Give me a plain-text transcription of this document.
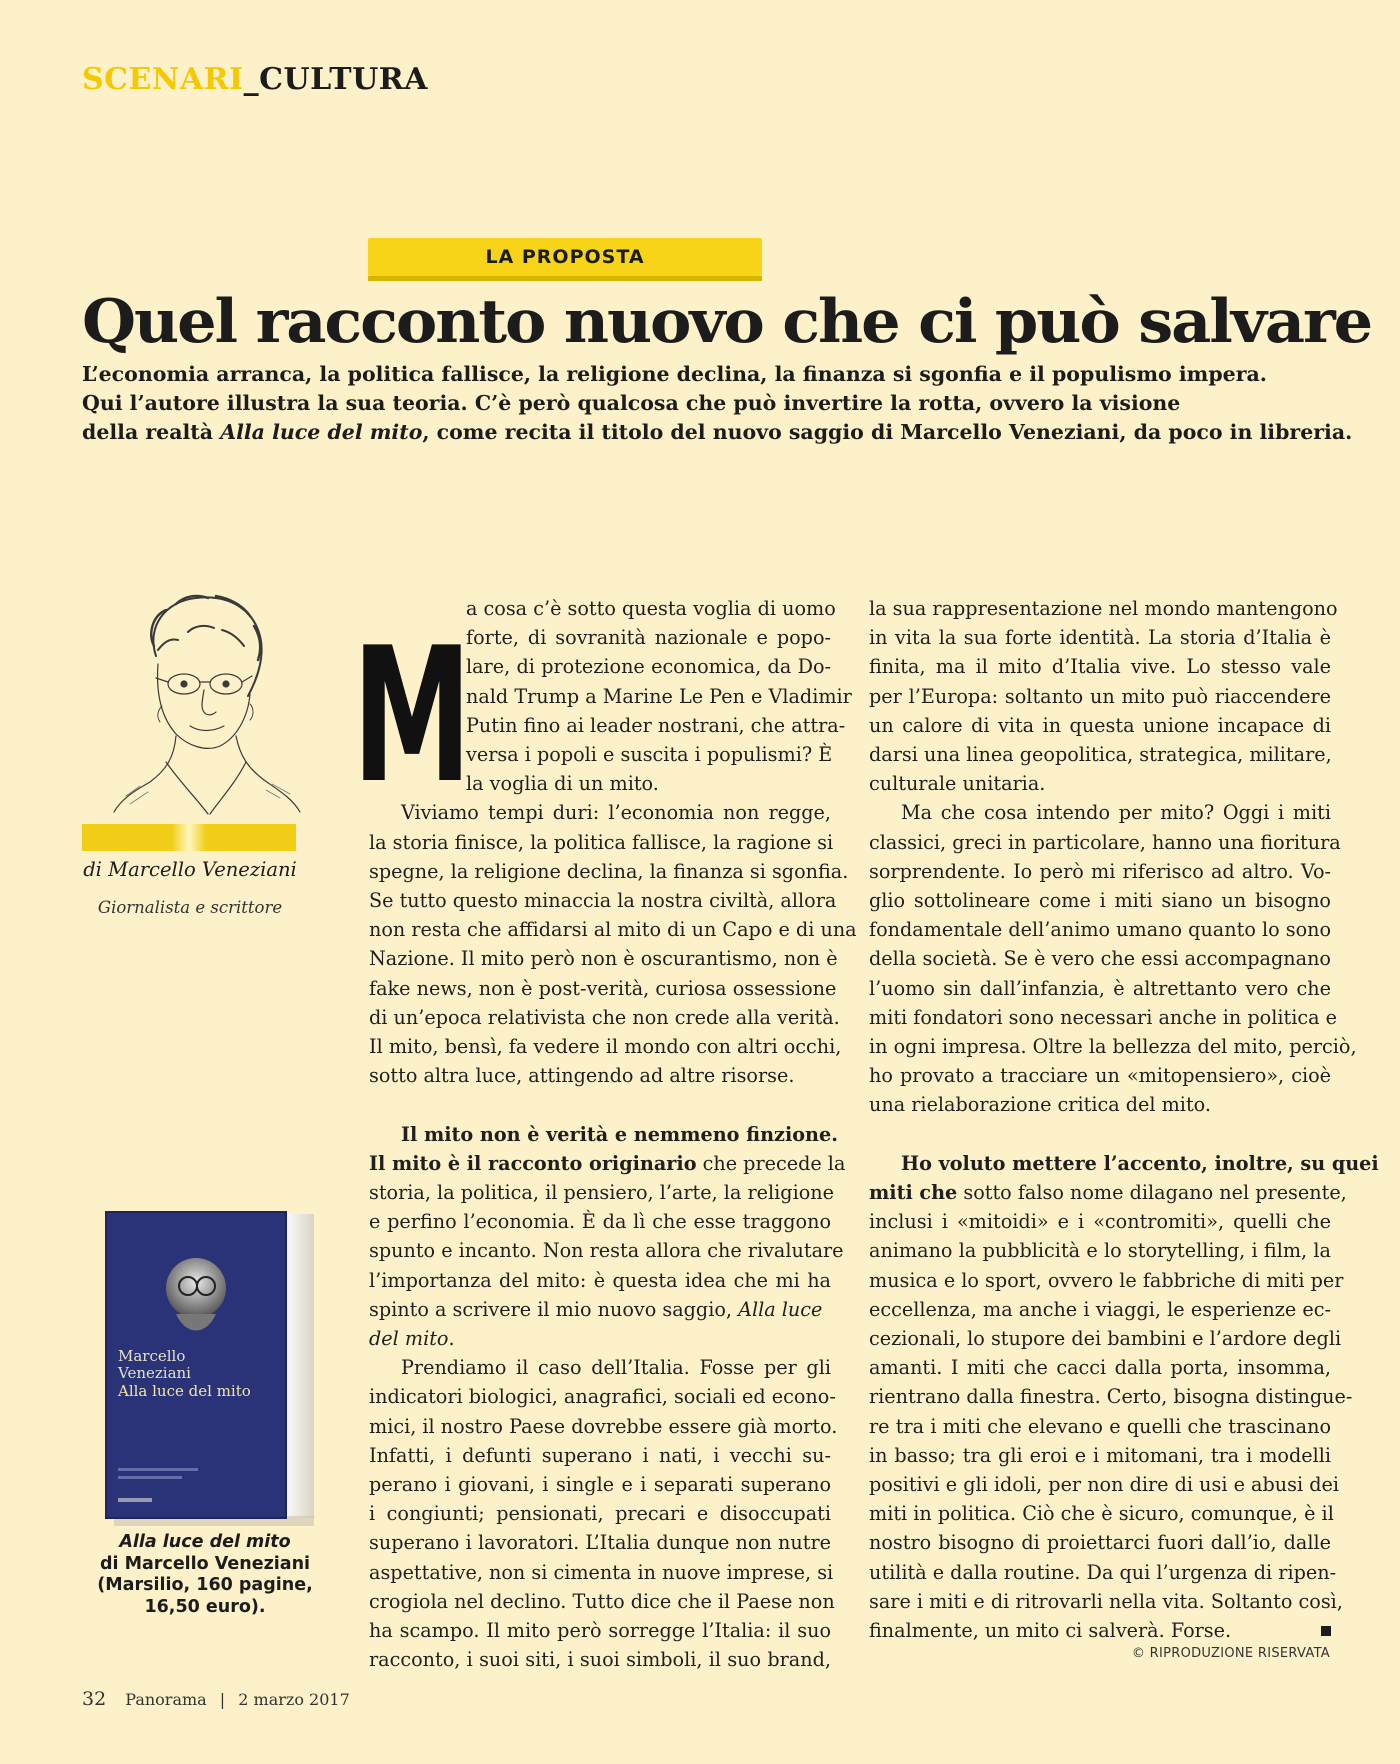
SCENARI_CULTURA
LA PROPOSTA
Quel racconto nuovo che ci può salvare
L’economia arranca, la politica fallisce, la religione declina, la finanza si sgonfia e il populismo impera.
Qui l’autore illustra la sua teoria. C’è però qualcosa che può invertire la rotta, ovvero la visione
della realtà Alla luce del mito, come recita il titolo del nuovo saggio di Marcello Veneziani, da poco in libreria.
di Marcello Veneziani
Giornalista e scrittore
Marcello
Veneziani
Alla luce del mito
Alla luce del mito
di Marcello Veneziani
(Marsilio, 160 pagine,
16,50 euro).
M
a cosa c’è sotto questa voglia di uomo
forte, di sovranità nazionale e popo-
lare, di protezione economica, da Do-
nald Trump a Marine Le Pen e Vladimir
Putin fino ai leader nostrani, che attra-
versa i popoli e suscita i populismi? È
la voglia di un mito.
Viviamo tempi duri: l’economia non regge,
la storia finisce, la politica fallisce, la ragione si
spegne, la religione declina, la finanza si sgonfia.
Se tutto questo minaccia la nostra civiltà, allora
non resta che affidarsi al mito di un Capo e di una
Nazione. Il mito però non è oscurantismo, non è
fake news, non è post-verità, curiosa ossessione
di un’epoca relativista che non crede alla verità.
Il mito, bensì, fa vedere il mondo con altri occhi,
sotto altra luce, attingendo ad altre risorse.
Il mito non è verità e nemmeno finzione.
Il mito è il racconto originario che precede la
storia, la politica, il pensiero, l’arte, la religione
e perfino l’economia. È da lì che esse traggono
spunto e incanto. Non resta allora che rivalutare
l’importanza del mito: è questa idea che mi ha
spinto a scrivere il mio nuovo saggio, Alla luce
del mito.
Prendiamo il caso dell’Italia. Fosse per gli
indicatori biologici, anagrafici, sociali ed econo-
mici, il nostro Paese dovrebbe essere già morto.
Infatti, i defunti superano i nati, i vecchi su-
perano i giovani, i single e i separati superano
i congiunti; pensionati, precari e disoccupati
superano i lavoratori. L’Italia dunque non nutre
aspettative, non si cimenta in nuove imprese, si
crogiola nel declino. Tutto dice che il Paese non
ha scampo. Il mito però sorregge l’Italia: il suo
racconto, i suoi siti, i suoi simboli, il suo brand,
la sua rappresentazione nel mondo mantengono
in vita la sua forte identità. La storia d’Italia è
finita, ma il mito d’Italia vive. Lo stesso vale
per l’Europa: soltanto un mito può riaccendere
un calore di vita in questa unione incapace di
darsi una linea geopolitica, strategica, militare,
culturale unitaria.
Ma che cosa intendo per mito? Oggi i miti
classici, greci in particolare, hanno una fioritura
sorprendente. Io però mi riferisco ad altro. Vo-
glio sottolineare come i miti siano un bisogno
fondamentale dell’animo umano quanto lo sono
della società. Se è vero che essi accompagnano
l’uomo sin dall’infanzia, è altrettanto vero che
miti fondatori sono necessari anche in politica e
in ogni impresa. Oltre la bellezza del mito, perciò,
ho provato a tracciare un «mitopensiero», cioè
una rielaborazione critica del mito.
Ho voluto mettere l’accento, inoltre, su quei
miti che sotto falso nome dilagano nel presente,
inclusi i «mitoidi» e i «contromiti», quelli che
animano la pubblicità e lo storytelling, i film, la
musica e lo sport, ovvero le fabbriche di miti per
eccellenza, ma anche i viaggi, le esperienze ec-
cezionali, lo stupore dei bambini e l’ardore degli
amanti. I miti che cacci dalla porta, insomma,
rientrano dalla finestra. Certo, bisogna distingue-
re tra i miti che elevano e quelli che trascinano
in basso; tra gli eroi e i mitomani, tra i modelli
positivi e gli idoli, per non dire di usi e abusi dei
miti in politica. Ciò che è sicuro, comunque, è il
nostro bisogno di proiettarci fuori dall’io, dalle
utilità e dalla routine. Da qui l’urgenza di ripen-
sare i miti e di ritrovarli nella vita. Soltanto così,
finalmente, un mito ci salverà. Forse.
© RIPRODUZIONE RISERVATA
32 Panorama | 2 marzo 2017
